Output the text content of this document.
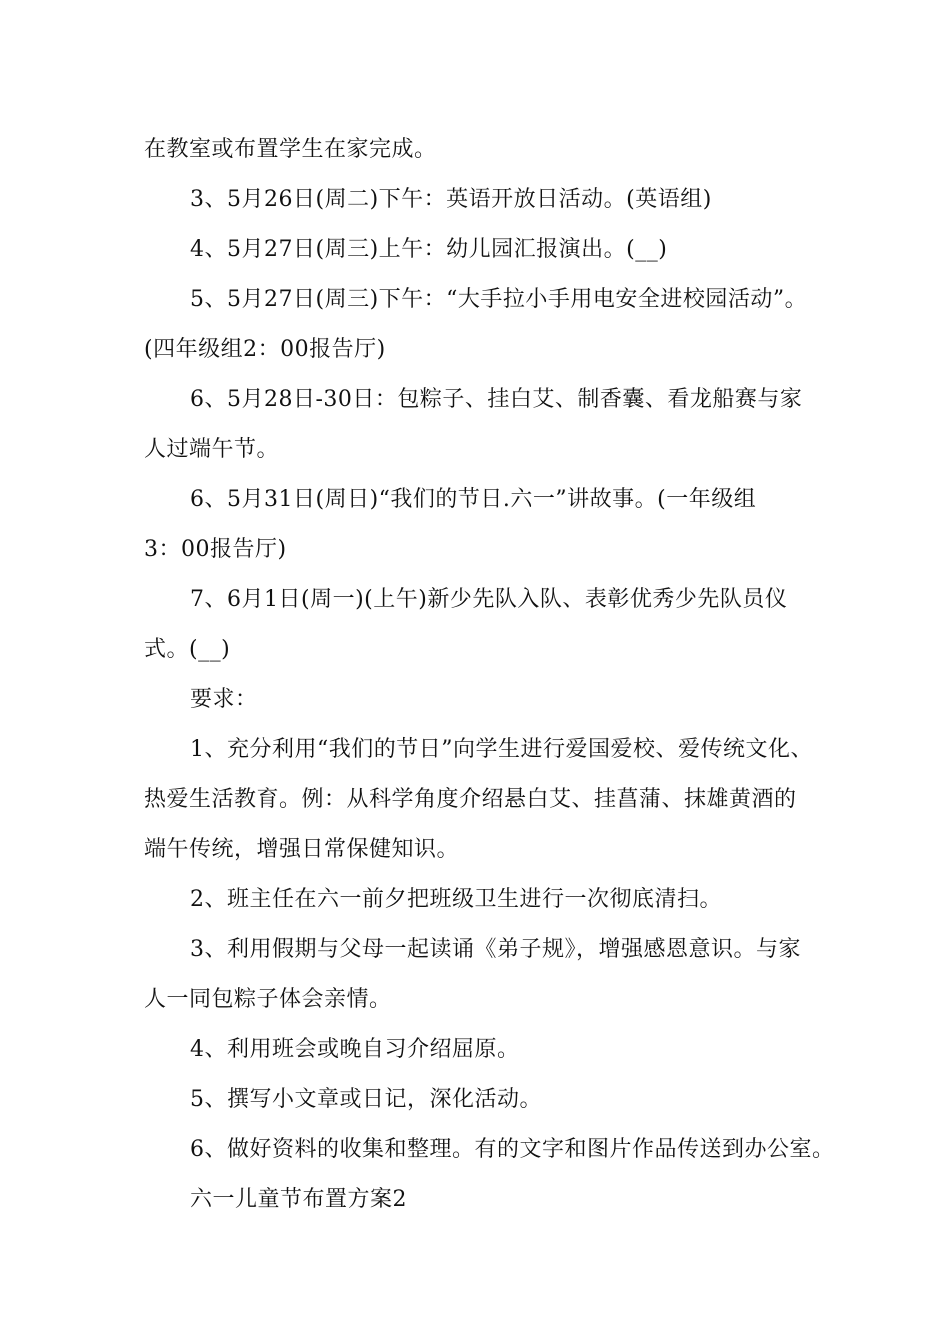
在教室或布置学生在家完成。
3、5月26日(周二)下午：英语开放日活动。(英语组)
4、5月27日(周三)上午：幼儿园汇报演出。(__)
5、5月27日(周三)下午：“大手拉小手用电安全进校园活动”。
(四年级组2：00报告厅)
6、5月28日-30日：包粽子、挂白艾、制香囊、看龙船赛与家
人过端午节。
6、5月31日(周日)“我们的节日.六一”讲故事。(一年级组
3：00报告厅)
7、6月1日(周一)(上午)新少先队入队、表彰优秀少先队员仪
式。(__)
要求：
1、充分利用“我们的节日”向学生进行爱国爱校、爱传统文化、
热爱生活教育。例：从科学角度介绍悬白艾、挂菖蒲、抹雄黄酒的
端午传统，增强日常保健知识。
2、班主任在六一前夕把班级卫生进行一次彻底清扫。
3、利用假期与父母一起读诵《弟子规》，增强感恩意识。与家
人一同包粽子体会亲情。
4、利用班会或晚自习介绍屈原。
5、撰写小文章或日记，深化活动。
6、做好资料的收集和整理。有的文字和图片作品传送到办公室。
六一儿童节布置方案2
